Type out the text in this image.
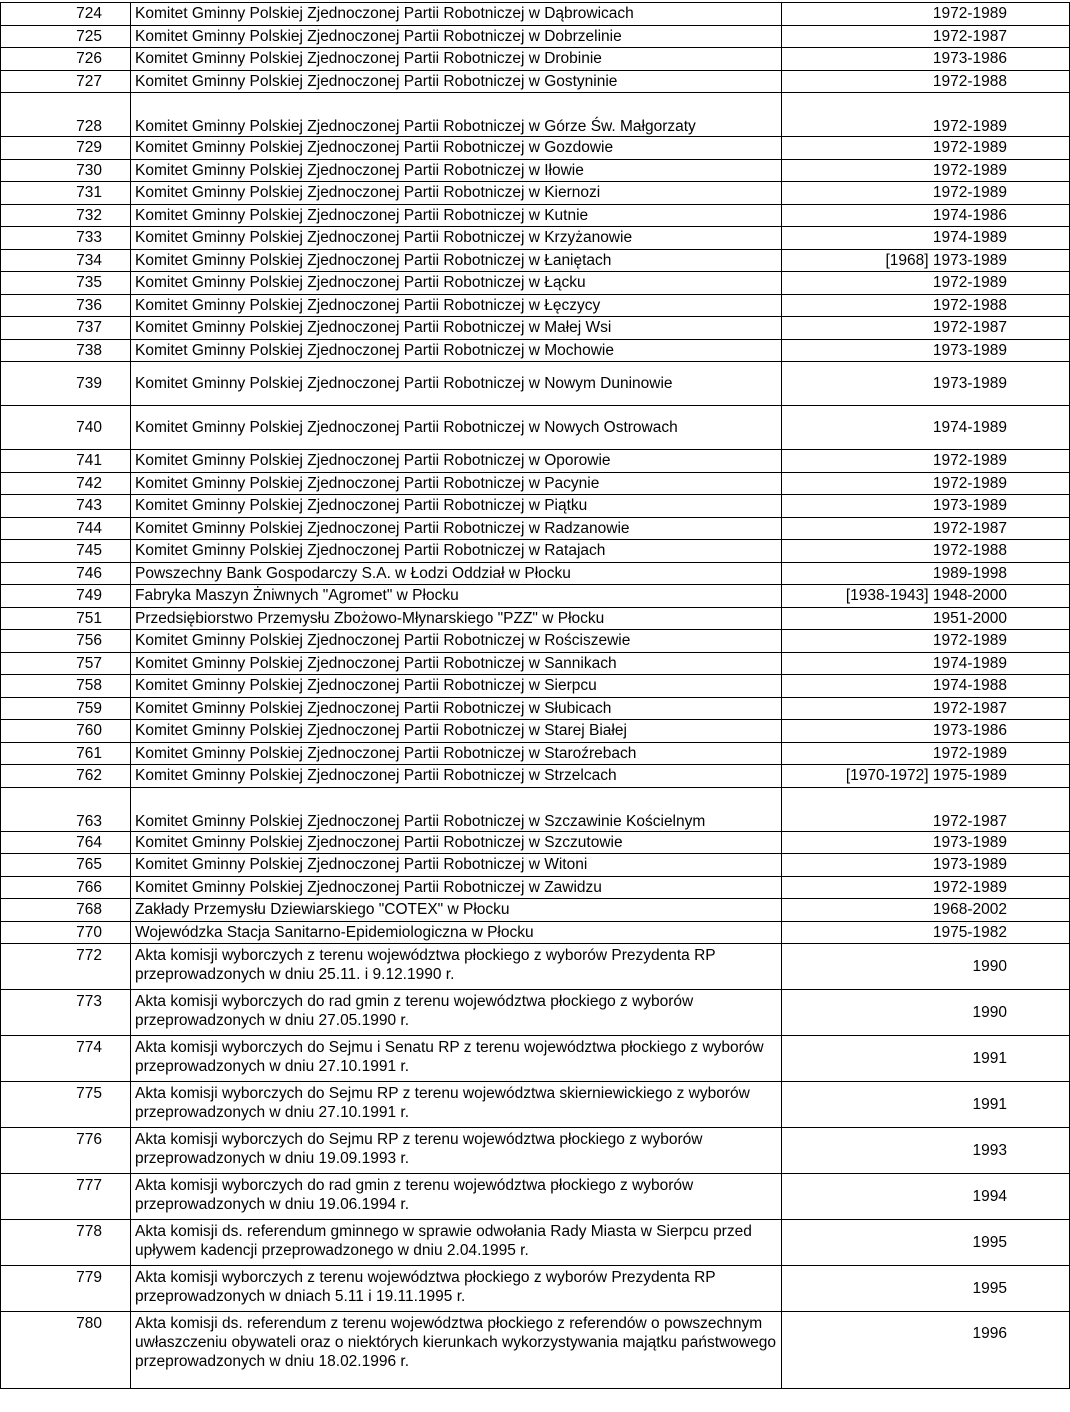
724	Komitet Gminny Polskiej Zjednoczonej Partii Robotniczej w Dąbrowicach	1972-1989
725	Komitet Gminny Polskiej Zjednoczonej Partii Robotniczej w Dobrzelinie	1972-1987
726	Komitet Gminny Polskiej Zjednoczonej Partii Robotniczej w Drobinie	1973-1986
727	Komitet Gminny Polskiej Zjednoczonej Partii Robotniczej w Gostyninie	1972-1988
728	Komitet Gminny Polskiej Zjednoczonej Partii Robotniczej w Górze Św. Małgorzaty	1972-1989
729	Komitet Gminny Polskiej Zjednoczonej Partii Robotniczej w Gozdowie	1972-1989
730	Komitet Gminny Polskiej Zjednoczonej Partii Robotniczej w Iłowie	1972-1989
731	Komitet Gminny Polskiej Zjednoczonej Partii Robotniczej w Kiernozi	1972-1989
732	Komitet Gminny Polskiej Zjednoczonej Partii Robotniczej w Kutnie	1974-1986
733	Komitet Gminny Polskiej Zjednoczonej Partii Robotniczej w Krzyżanowie	1974-1989
734	Komitet Gminny Polskiej Zjednoczonej Partii Robotniczej w Łaniętach	[1968] 1973-1989
735	Komitet Gminny Polskiej Zjednoczonej Partii Robotniczej w Łącku	1972-1989
736	Komitet Gminny Polskiej Zjednoczonej Partii Robotniczej w Łęczycy	1972-1988
737	Komitet Gminny Polskiej Zjednoczonej Partii Robotniczej w Małej Wsi	1972-1987
738	Komitet Gminny Polskiej Zjednoczonej Partii Robotniczej w Mochowie	1973-1989
739	Komitet Gminny Polskiej Zjednoczonej Partii Robotniczej w Nowym Duninowie	1973-1989
740	Komitet Gminny Polskiej Zjednoczonej Partii Robotniczej w Nowych Ostrowach	1974-1989
741	Komitet Gminny Polskiej Zjednoczonej Partii Robotniczej w Oporowie	1972-1989
742	Komitet Gminny Polskiej Zjednoczonej Partii Robotniczej w Pacynie	1972-1989
743	Komitet Gminny Polskiej Zjednoczonej Partii Robotniczej w Piątku	1973-1989
744	Komitet Gminny Polskiej Zjednoczonej Partii Robotniczej w Radzanowie	1972-1987
745	Komitet Gminny Polskiej Zjednoczonej Partii Robotniczej w Ratajach	1972-1988
746	Powszechny Bank Gospodarczy S.A. w Łodzi Oddział w Płocku	1989-1998
749	Fabryka Maszyn Żniwnych "Agromet" w Płocku	[1938-1943] 1948-2000
751	Przedsiębiorstwo Przemysłu Zbożowo-Młynarskiego "PZZ" w Płocku	1951-2000
756	Komitet Gminny Polskiej Zjednoczonej Partii Robotniczej w Rościszewie	1972-1989
757	Komitet Gminny Polskiej Zjednoczonej Partii Robotniczej w Sannikach	1974-1989
758	Komitet Gminny Polskiej Zjednoczonej Partii Robotniczej w Sierpcu	1974-1988
759	Komitet Gminny Polskiej Zjednoczonej Partii Robotniczej w Słubicach	1972-1987
760	Komitet Gminny Polskiej Zjednoczonej Partii Robotniczej w Starej Białej	1973-1986
761	Komitet Gminny Polskiej Zjednoczonej Partii Robotniczej w Staroźrebach	1972-1989
762	Komitet Gminny Polskiej Zjednoczonej Partii Robotniczej w Strzelcach	[1970-1972] 1975-1989
763	Komitet Gminny Polskiej Zjednoczonej Partii Robotniczej w Szczawinie Kościelnym	1972-1987
764	Komitet Gminny Polskiej Zjednoczonej Partii Robotniczej w Szczutowie	1973-1989
765	Komitet Gminny Polskiej Zjednoczonej Partii Robotniczej w Witoni	1973-1989
766	Komitet Gminny Polskiej Zjednoczonej Partii Robotniczej w Zawidzu	1972-1989
768	Zakłady Przemysłu Dziewiarskiego "COTEX" w Płocku	1968-2002
770	Wojewódzka Stacja Sanitarno-Epidemiologiczna w Płocku	1975-1982
772	Akta komisji wyborczych z terenu województwa płockiego z wyborów Prezydenta RP przeprowadzonych w dniu 25.11. i 9.12.1990 r.	1990
773	Akta komisji wyborczych do rad gmin z terenu województwa płockiego z wyborów przeprowadzonych w dniu 27.05.1990 r.	1990
774	Akta komisji wyborczych do Sejmu i Senatu RP z terenu województwa płockiego z wyborów przeprowadzonych w dniu 27.10.1991 r.	1991
775	Akta komisji wyborczych do Sejmu RP z terenu województwa skierniewickiego z wyborów przeprowadzonych w dniu 27.10.1991 r.	1991
776	Akta komisji wyborczych do Sejmu RP z terenu województwa płockiego z wyborów przeprowadzonych w dniu 19.09.1993 r.	1993
777	Akta komisji wyborczych do rad gmin z terenu województwa płockiego z wyborów przeprowadzonych w dniu 19.06.1994 r.	1994
778	Akta komisji ds. referendum gminnego w sprawie odwołania Rady Miasta w Sierpcu przed upływem kadencji przeprowadzonego w dniu 2.04.1995 r.	1995
779	Akta komisji wyborczych z terenu województwa płockiego z wyborów Prezydenta RP przeprowadzonych w dniach 5.11 i 19.11.1995 r.	1995
780	Akta komisji ds. referendum z terenu województwa płockiego z referendów o powszechnym uwłaszczeniu obywateli oraz o niektórych kierunkach wykorzystywania majątku państwowego przeprowadzonych w dniu 18.02.1996 r.	1996
